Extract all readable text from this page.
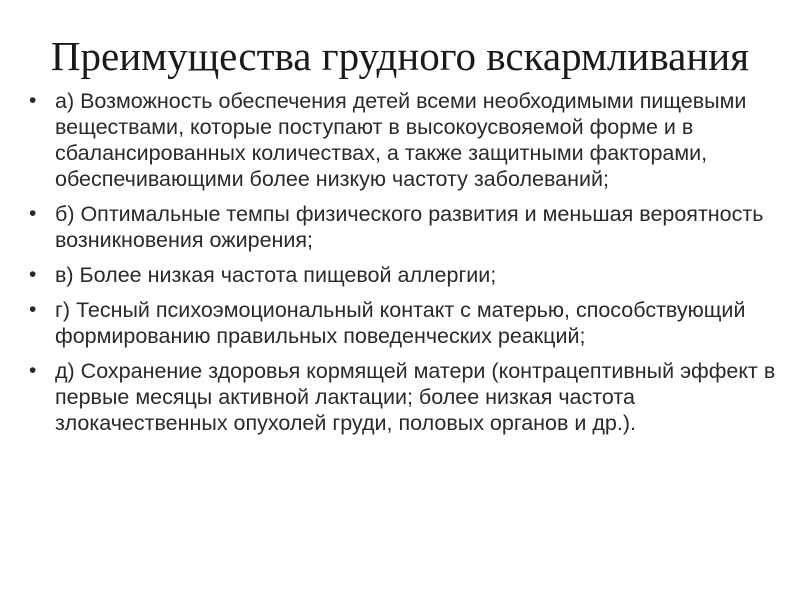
Преимущества грудного вскармливания
• а) Возможность обеспечения детей всеми необходимыми пищевыми веществами, которые поступают в высокоусвояемой форме и в сбалансированных количествах, а также защитными факторами, обеспечивающими более низкую частоту заболеваний;
• б) Оптимальные темпы физического развития и меньшая вероятность возникновения ожирения;
• в) Более низкая частота пищевой аллергии;
• г) Тесный психоэмоциональный контакт с матерью, способствующий формированию правильных поведенческих реакций;
• д) Сохранение здоровья кормящей матери (контрацептивный эффект в первые месяцы активной лактации; более низкая частота злокачественных опухолей груди, половых органов и др.).
